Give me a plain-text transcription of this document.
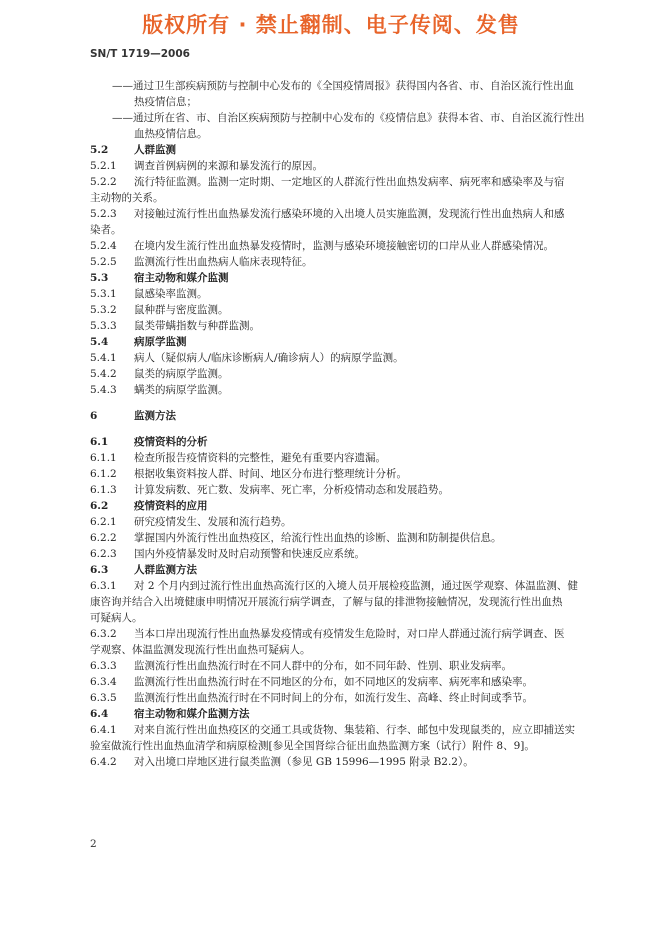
版权所有 · 禁止翻制、电子传阅、发售
SN/T 1719—2006
——通过卫生部疾病预防与控制中心发布的《全国疫情周报》获得国内各省、市、自治区流行性出血
热疫情信息；
——通过所在省、市、自治区疾病预防与控制中心发布的《疫情信息》获得本省、市、自治区流行性出
血热疫情信息。
5.2 人群监测
5.2.1 调查首例病例的来源和暴发流行的原因。
5.2.2 流行特征监测。监测一定时期、一定地区的人群流行性出血热发病率、病死率和感染率及与宿
主动物的关系。
5.2.3 对接触过流行性出血热暴发流行感染环境的入出境人员实施监测，发现流行性出血热病人和感
染者。
5.2.4 在境内发生流行性出血热暴发疫情时，监测与感染环境接触密切的口岸从业人群感染情况。
5.2.5 监测流行性出血热病人临床表现特征。
5.3 宿主动物和媒介监测
5.3.1 鼠感染率监测。
5.3.2 鼠种群与密度监测。
5.3.3 鼠类带螨指数与种群监测。
5.4 病原学监测
5.4.1 病人（疑似病人/临床诊断病人/确诊病人）的病原学监测。
5.4.2 鼠类的病原学监测。
5.4.3 螨类的病原学监测。
6	监测方法
6.1 疫情资料的分析
6.1.1 检查所报告疫情资料的完整性，避免有重要内容遗漏。
6.1.2 根据收集资料按人群、时间、地区分布进行整理统计分析。
6.1.3 计算发病数、死亡数、发病率、死亡率，分析疫情动态和发展趋势。
6.2 疫情资料的应用
6.2.1 研究疫情发生、发展和流行趋势。
6.2.2 掌握国内外流行性出血热疫区，给流行性出血热的诊断、监测和防制提供信息。
6.2.3 国内外疫情暴发时及时启动预警和快速反应系统。
6.3 人群监测方法
6.3.1 对 2 个月内到过流行性出血热高流行区的入境人员开展检疫监测，通过医学观察、体温监测、健
康咨询并结合入出境健康申明情况开展流行病学调查，了解与鼠的排泄物接触情况，发现流行性出血热
可疑病人。
6.3.2 当本口岸出现流行性出血热暴发疫情或有疫情发生危险时，对口岸人群通过流行病学调查、医
学观察、体温监测发现流行性出血热可疑病人。
6.3.3 监测流行性出血热流行时在不同人群中的分布，如不同年龄、性别、职业发病率。
6.3.4 监测流行性出血热流行时在不同地区的分布，如不同地区的发病率、病死率和感染率。
6.3.5 监测流行性出血热流行时在不同时间上的分布，如流行发生、高峰、终止时间或季节。
6.4 宿主动物和媒介监测方法
6.4.1 对来自流行性出血热疫区的交通工具或货物、集装箱、行李、邮包中发现鼠类的，应立即捕送实
验室做流行性出血热血清学和病原检测[参见全国肾综合征出血热监测方案（试行）附件 8、9]。
6.4.2 对入出境口岸地区进行鼠类监测（参见 GB 15996—1995 附录 B2.2）。
2
